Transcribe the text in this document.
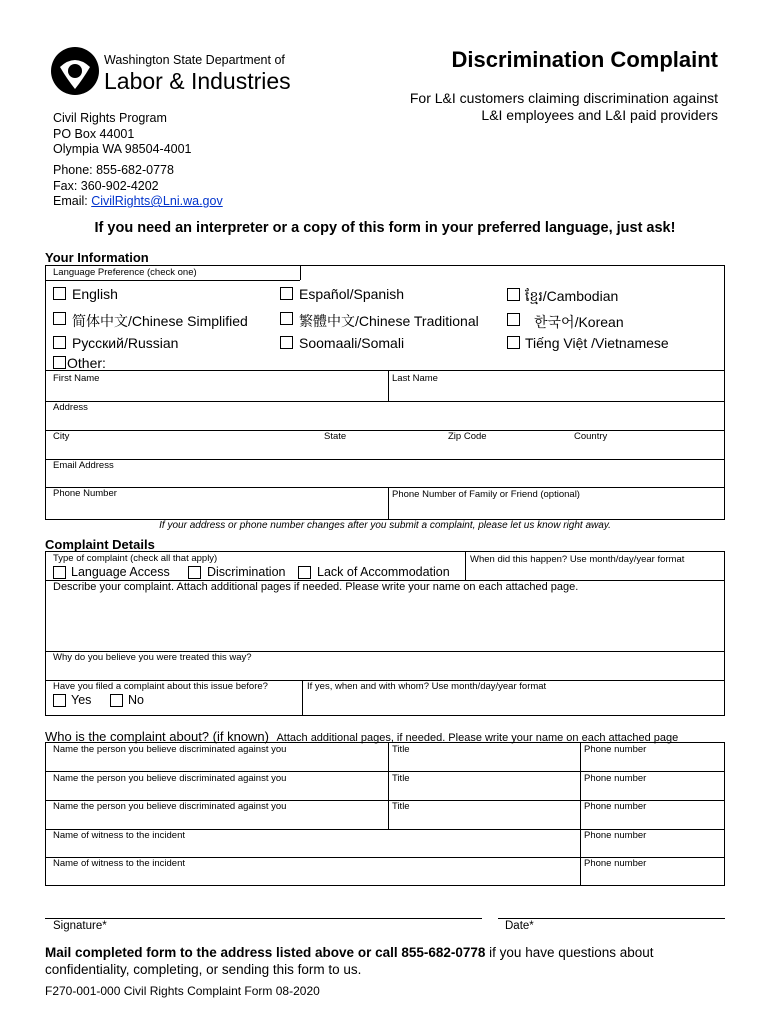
Washington State Department of
Labor & Industries
Discrimination Complaint
For L&I customers claiming discrimination against
L&I employees and L&I paid providers
Civil Rights Program
PO Box 44001
Olympia WA 98504-4001
Phone: 855-682-0778
Fax: 360-902-4202
Email: CivilRights@Lni.wa.gov
If you need an interpreter or a copy of this form in your preferred language, just ask!
Your Information
Language Preference (check one)
English	Español/Spanish	ខ្មែរ/Cambodian
简体中文/Chinese Simplified	繁體中文/Chinese Traditional	한국어/Korean
Русский/Russian	Soomaali/Somali	Tiếng Việt /Vietnamese
Other:
First Name	Last Name
Address
City	State	Zip Code	Country
Email Address
Phone Number	Phone Number of Family or Friend (optional)
If your address or phone number changes after you submit a complaint, please let us know right away.
Complaint Details
Type of complaint (check all that apply)	When did this happen? Use month/day/year format
Language Access	Discrimination	Lack of Accommodation
Describe your complaint. Attach additional pages if needed. Please write your name on each attached page.
Why do you believe you were treated this way?
Have you filed a complaint about this issue before?	If yes, when and with whom? Use month/day/year format
Yes	No
Who is the complaint about? (if known) Attach additional pages, if needed. Please write your name on each attached page
Name the person you believe discriminated against you	Title	Phone number
Name the person you believe discriminated against you	Title	Phone number
Name the person you believe discriminated against you	Title	Phone number
Name of witness to the incident	Phone number
Name of witness to the incident	Phone number
Signature*	Date*
Mail completed form to the address listed above or call 855-682-0778 if you have questions about
confidentiality, completing, or sending this form to us.
F270-001-000 Civil Rights Complaint Form 08-2020
